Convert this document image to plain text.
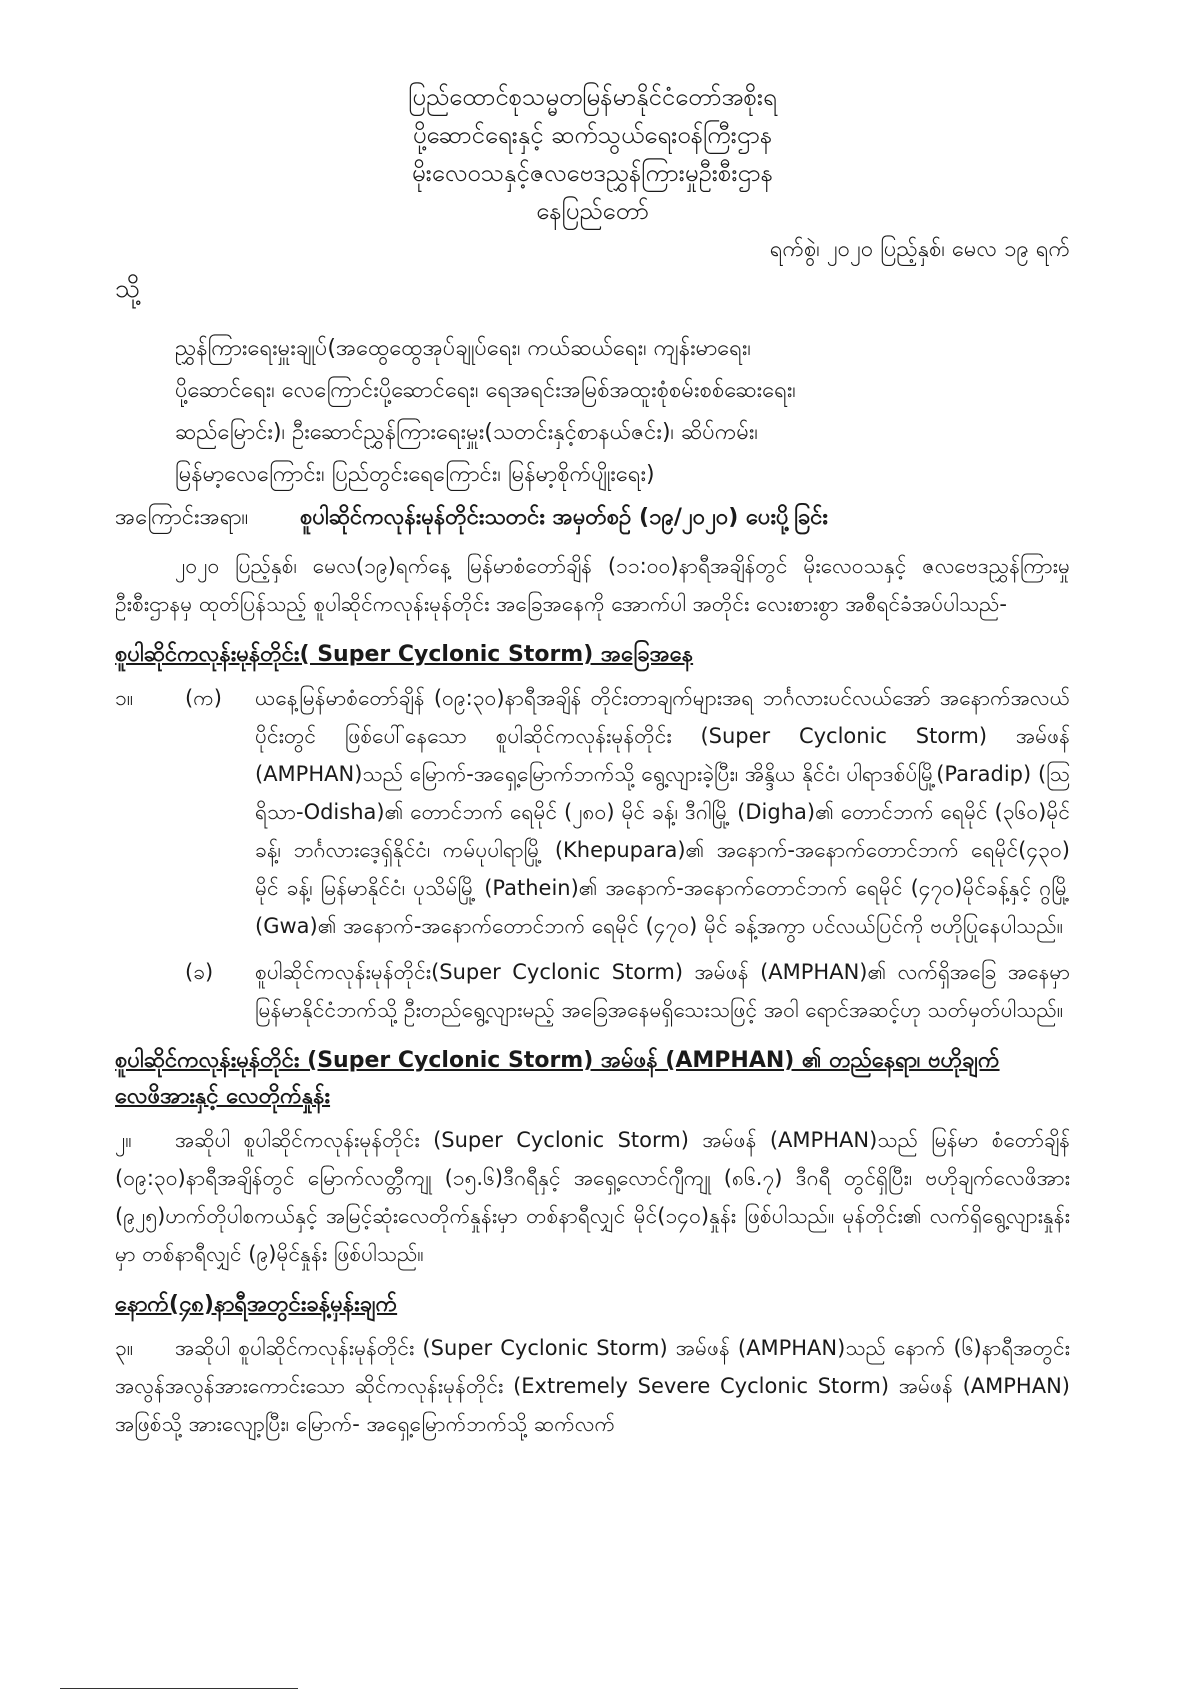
ပြည်ထောင်စုသမ္မတမြန်မာနိုင်ငံတော်အစိုးရ
ပို့ဆောင်ရေးနှင့် ဆက်သွယ်ရေးဝန်ကြီးဌာန
မိုးလေဝသနှင့်ဇလဗေဒညွှန်ကြားမှုဦးစီးဌာန
နေပြည်တော်
ရက်စွဲ၊ ၂၀၂၀ ပြည့်နှစ်၊ မေလ ၁၉ ရက်
သို့
ညွှန်ကြားရေးမှူးချုပ်(အထွေထွေအုပ်ချုပ်ရေး၊ ကယ်ဆယ်ရေး၊ ကျန်းမာရေး၊
ပို့ဆောင်ရေး၊ လေကြောင်းပို့ဆောင်ရေး၊ ရေအရင်းအမြစ်အထူးစုံစမ်းစစ်ဆေးရေး၊
ဆည်မြောင်း)၊ ဦးဆောင်ညွှန်ကြားရေးမှူး(သတင်းနှင့်စာနယ်ဇင်း)၊ ဆိပ်ကမ်း၊
မြန်မာ့လေကြောင်း၊ ပြည်တွင်းရေကြောင်း၊ မြန်မာ့စိုက်ပျိုးရေး)
အကြောင်းအရာ။	စူပါဆိုင်ကလုန်းမုန်တိုင်းသတင်း အမှတ်စဉ် (၁၉/၂၀၂၀) ပေးပို့ခြင်း

၂၀၂၀ ပြည့်နှစ်၊ မေလ(၁၉)ရက်နေ့ မြန်မာစံတော်ချိန် (၁၁:၀၀)နာရီအချိန်တွင် မိုးလေဝသနှင့် ဇလဗေဒညွှန်ကြားမှုဦးစီးဌာနမှ ထုတ်ပြန်သည့် စူပါဆိုင်ကလုန်းမုန်တိုင်း အခြေအနေကို အောက်ပါ အတိုင်း လေးစားစွာ အစီရင်ခံအပ်ပါသည်-

စူပါဆိုင်ကလုန်းမုန်တိုင်း( Super Cyclonic Storm) အခြေအနေ
၁။	(က)	ယနေ့မြန်မာစံတော်ချိန် (၀၉:၃၀)နာရီအချိန် တိုင်းတာချက်များအရ ဘင်္ဂလားပင်လယ်အော် အနောက်အလယ်ပိုင်းတွင် ဖြစ်ပေါ်နေသော စူပါဆိုင်ကလုန်းမုန်တိုင်း (Super Cyclonic Storm) အမ်ဖန် (AMPHAN)သည် မြောက်-အရှေ့မြောက်ဘက်သို့ ရွေ့လျားခဲ့ပြီး၊ အိန္ဒိယ နိုင်ငံ၊ ပါရာဒစ်ပ်မြို့(Paradip) (ဩရိသာ-Odisha)၏ တောင်ဘက် ရေမိုင် (၂၈၀) မိုင် ခန့်၊ ဒီဂါမြို့ (Digha)၏ တောင်ဘက် ရေမိုင် (၃၆၀)မိုင်ခန့်၊ ဘင်္ဂလားဒေ့ရှ်နိုင်ငံ၊ ကမ်ပုပါရာမြို့ (Khepupara)၏ အနောက်-အနောက်တောင်ဘက် ရေမိုင်(၄၃၀) မိုင် ခန့်၊ မြန်မာနိုင်ငံ၊ ပုသိမ်မြို့ (Pathein)၏ အနောက်-အနောက်တောင်ဘက် ရေမိုင် (၄၇၀)မိုင်ခန့်နှင့် ဂွမြို့ (Gwa)၏ အနောက်-အနောက်တောင်ဘက် ရေမိုင် (၄၇၀) မိုင် ခန့်အကွာ ပင်လယ်ပြင်ကို ဗဟိုပြုနေပါသည်။
(ခ)	စူပါဆိုင်ကလုန်းမုန်တိုင်း(Super Cyclonic Storm) အမ်ဖန် (AMPHAN)၏ လက်ရှိအခြေ အနေမှာ မြန်မာနိုင်ငံဘက်သို့ ဦးတည်ရွေ့လျားမည့် အခြေအနေမရှိသေးသဖြင့် အဝါ ရောင်အဆင့်ဟု သတ်မှတ်ပါသည်။
စူပါဆိုင်ကလုန်းမုန်တိုင်း (Super Cyclonic Storm) အမ်ဖန် (AMPHAN) ၏ တည်နေရာ၊ ဗဟိုချက် လေဖိအားနှင့် လေတိုက်နှုန်း
၂။ အဆိုပါ စူပါဆိုင်ကလုန်းမုန်တိုင်း (Super Cyclonic Storm) အမ်ဖန် (AMPHAN)သည် မြန်မာ စံတော်ချိန် (၀၉:၃၀)နာရီအချိန်တွင် မြောက်လတ္တီကျု (၁၅.၆)ဒီဂရီနှင့် အရှေ့လောင်ဂျီကျု (၈၆.၇) ဒီဂရီ တွင်ရှိပြီး၊ ဗဟိုချက်လေဖိအား (၉၂၅)ဟက်တိုပါစကယ်နှင့် အမြင့်ဆုံးလေတိုက်နှုန်းမှာ တစ်နာရီလျှင် မိုင်(၁၄၀)နှုန်း ဖြစ်ပါသည်။ မုန်တိုင်း၏ လက်ရှိရွေ့လျားနှုန်းမှာ တစ်နာရီလျှင် (၉)မိုင်နှုန်း ဖြစ်ပါသည်။
နောက်(၄၈)နာရီအတွင်းခန့်မှန်းချက်
၃။ အဆိုပါ စူပါဆိုင်ကလုန်းမုန်တိုင်း (Super Cyclonic Storm) အမ်ဖန် (AMPHAN)သည် နောက် (၆)နာရီအတွင်း အလွန်အလွန်အားကောင်းသော ဆိုင်ကလုန်းမုန်တိုင်း (Extremely Severe Cyclonic Storm) အမ်ဖန် (AMPHAN) အဖြစ်သို့ အားလျော့ပြီး၊ မြောက်- အရှေ့မြောက်ဘက်သို့ ဆက်လက်
